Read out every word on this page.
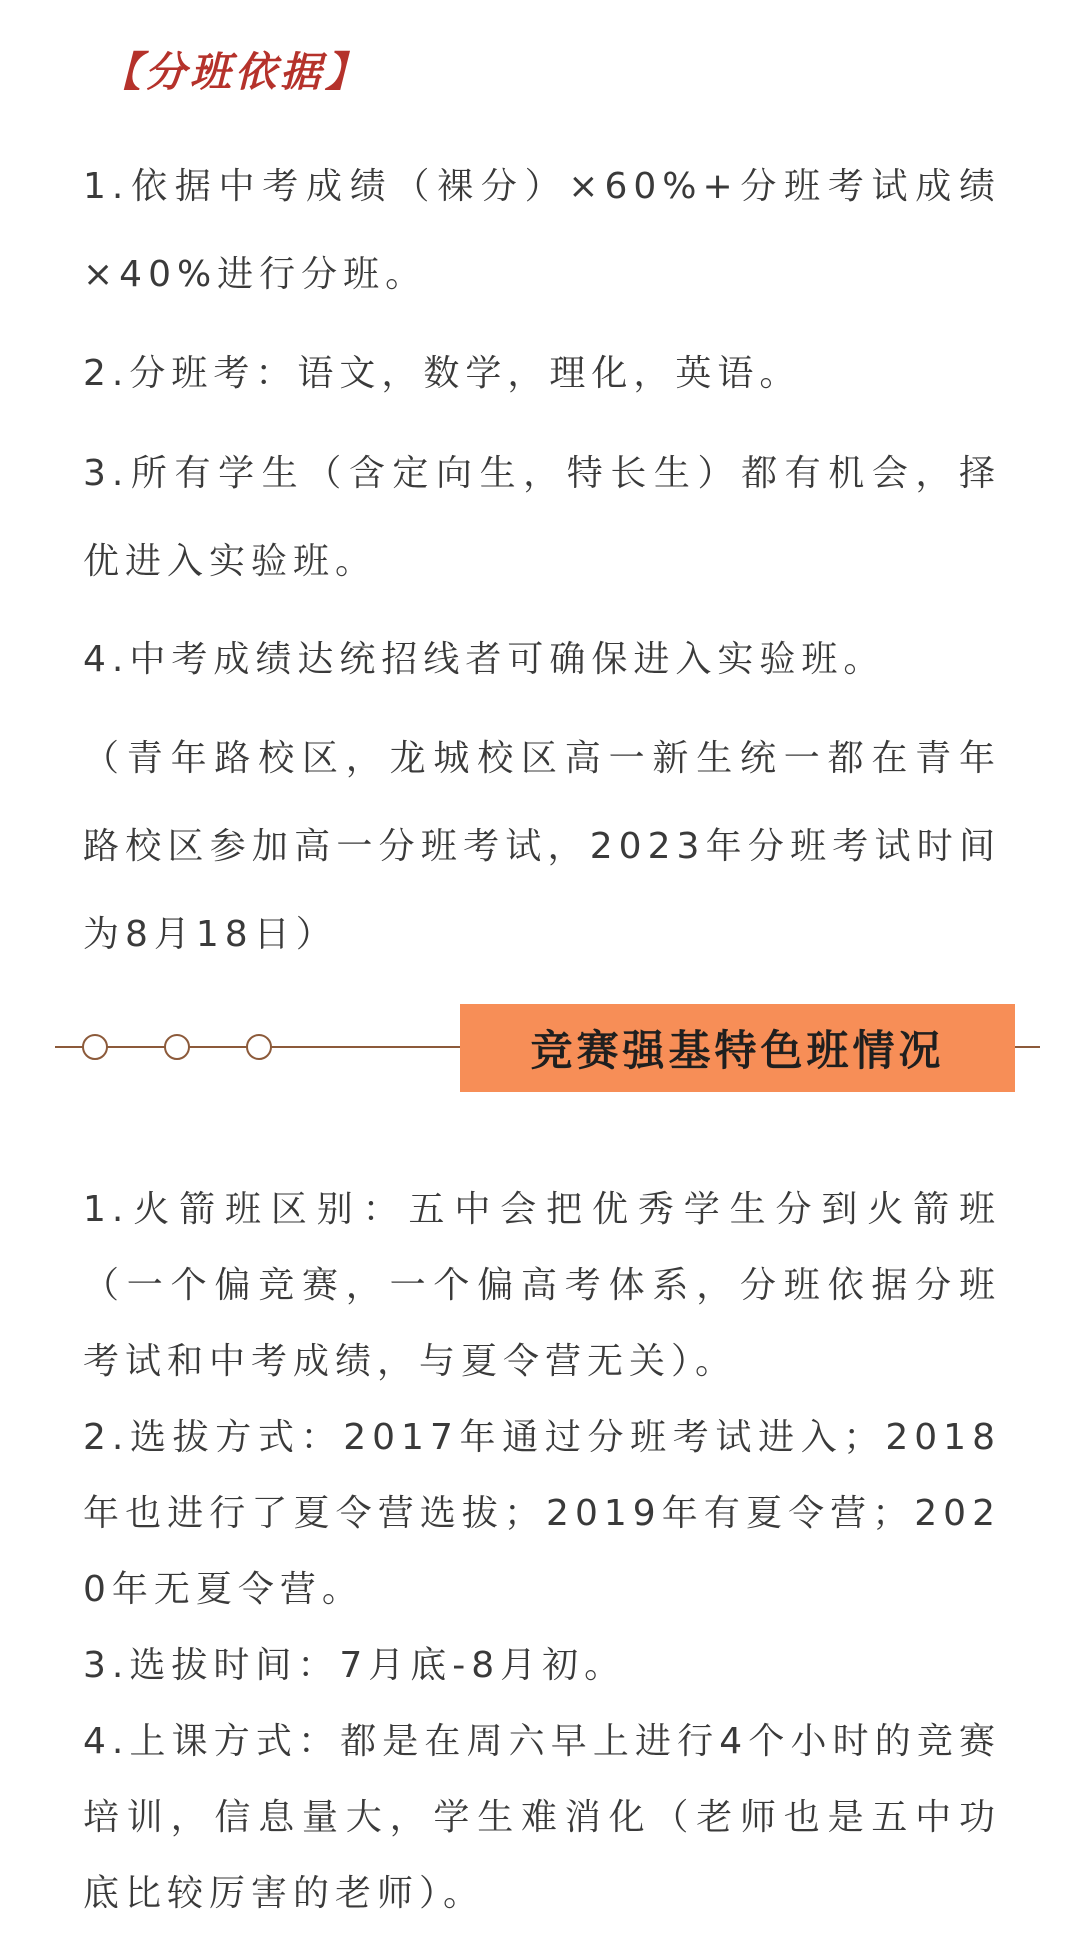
【分班依据】

1.依据中考成绩（裸分）×60%+分班考试成绩×40%进行分班。

2.分班考：语文，数学，理化，英语。

3.所有学生（含定向生，特长生）都有机会，择优进入实验班。

4.中考成绩达统招线者可确保进入实验班。

（青年路校区，龙城校区高一新生统一都在青年路校区参加高一分班考试，2023年分班考试时间为8月18日）

竞赛强基特色班情况

1.火箭班区别：五中会把优秀学生分到火箭班（一个偏竞赛，一个偏高考体系，分班依据分班考试和中考成绩，与夏令营无关）。

2.选拔方式：2017年通过分班考试进入；2018年也进行了夏令营选拔；2019年有夏令营；2020年无夏令营。

3.选拔时间：7月底-8月初。

4.上课方式：都是在周六早上进行4个小时的竞赛培训，信息量大，学生难消化（老师也是五中功底比较厉害的老师）。
